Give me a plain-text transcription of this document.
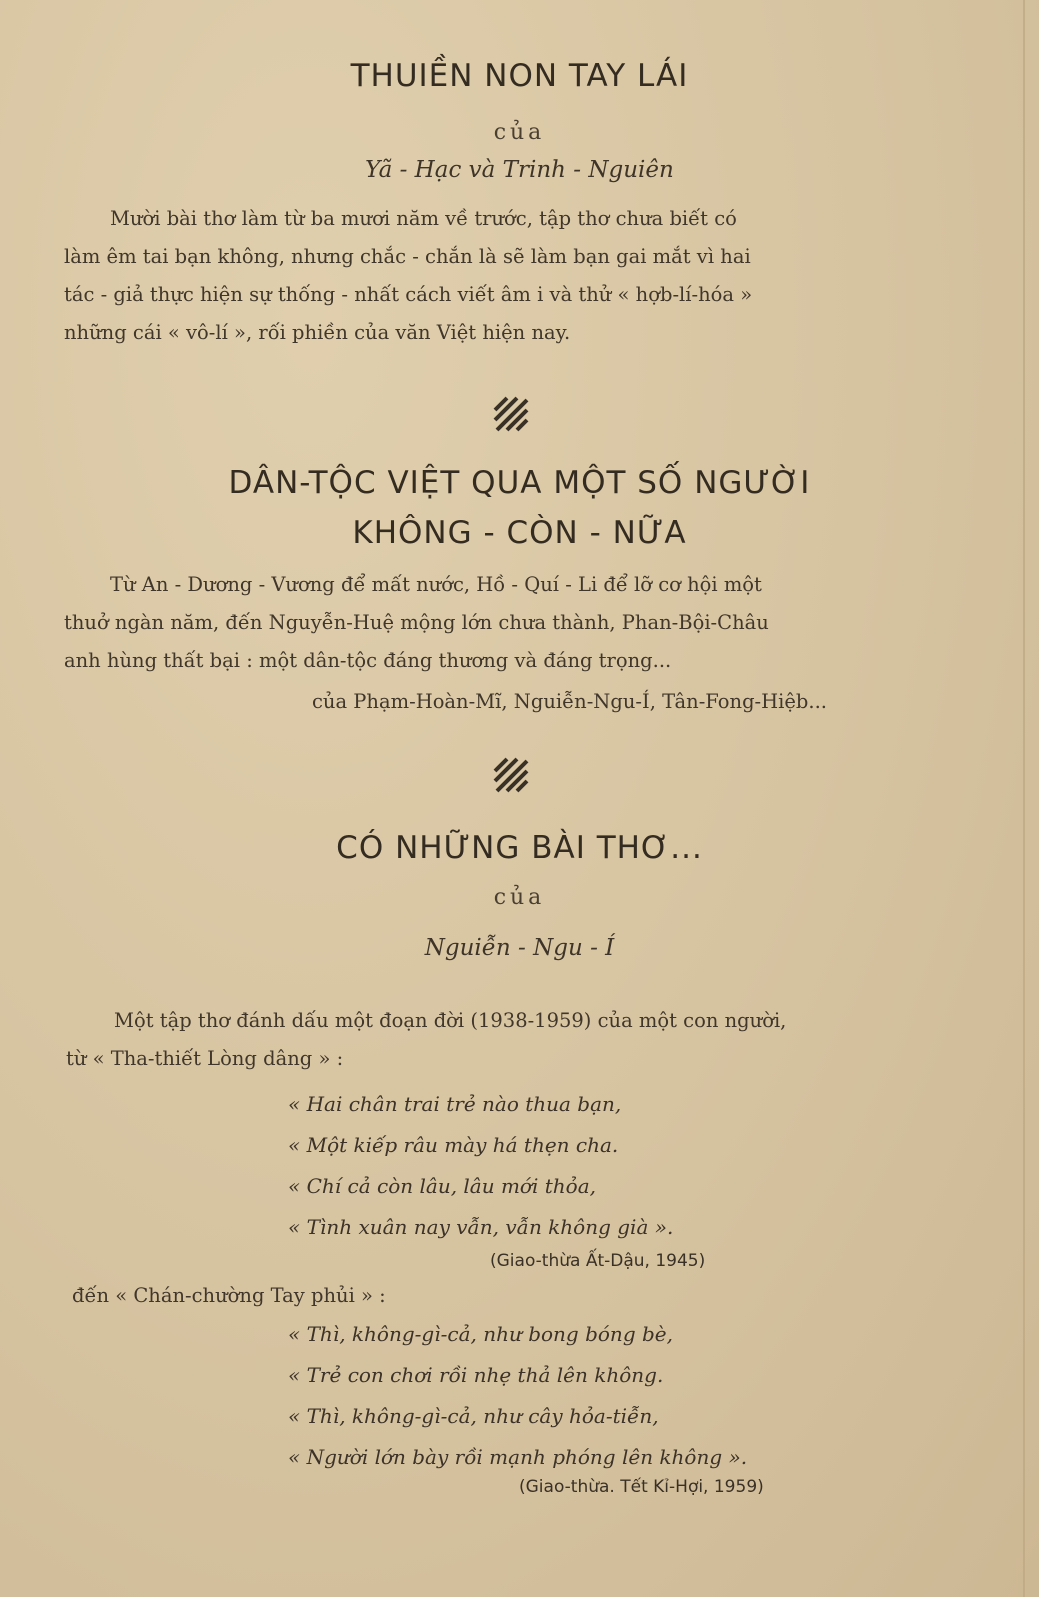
THUIỀN NON TAY LÁI
của
Yã - Hạc và Trinh - Nguiên
Mười bài thơ làm từ ba mươi năm về trước, tập thơ chưa biết có
làm êm tai bạn không, nhưng chắc - chắn là sẽ làm bạn gai mắt vì hai
tác - giả thực hiện sự thống - nhất cách viết âm i và thử « hợb-lí-hóa »
những cái « vô-lí », rối phiền của văn Việt hiện nay.
DÂN-TỘC VIỆT QUA MỘT SỐ NGƯỜI
KHÔNG - CÒN - NỮA
Từ An - Dương - Vương để mất nước, Hồ - Quí - Li để lỡ cơ hội một
thuở ngàn năm, đến Nguyễn-Huệ mộng lớn chưa thành, Phan-Bội-Châu
anh hùng thất bại : một dân-tộc đáng thương và đáng trọng...
của Phạm-Hoàn-Mĩ, Nguiễn-Ngu-Í, Tân-Fong-Hiệb...
CÓ NHỮNG BÀI THƠ...
của
Nguiễn - Ngu - Í
Một tập thơ đánh dấu một đoạn đời (1938-1959) của một con người,
từ « Tha-thiết Lòng dâng » :
« Hai chân trai trẻ nào thua bạn,
« Một kiếp râu mày há thẹn cha.
« Chí cả còn lâu, lâu mới thỏa,
« Tình xuân nay vẫn, vẫn không già ».
(Giao-thừa Ất-Dậu, 1945)
đến « Chán-chường Tay phủi » :
« Thì, không-gì-cả, như bong bóng bè,
« Trẻ con chơi rồi nhẹ thả lên không.
« Thì, không-gì-cả, như cây hỏa-tiễn,
« Người lớn bày rồi mạnh phóng lên không ».
(Giao-thừa. Tết Kỉ-Hợi, 1959)
